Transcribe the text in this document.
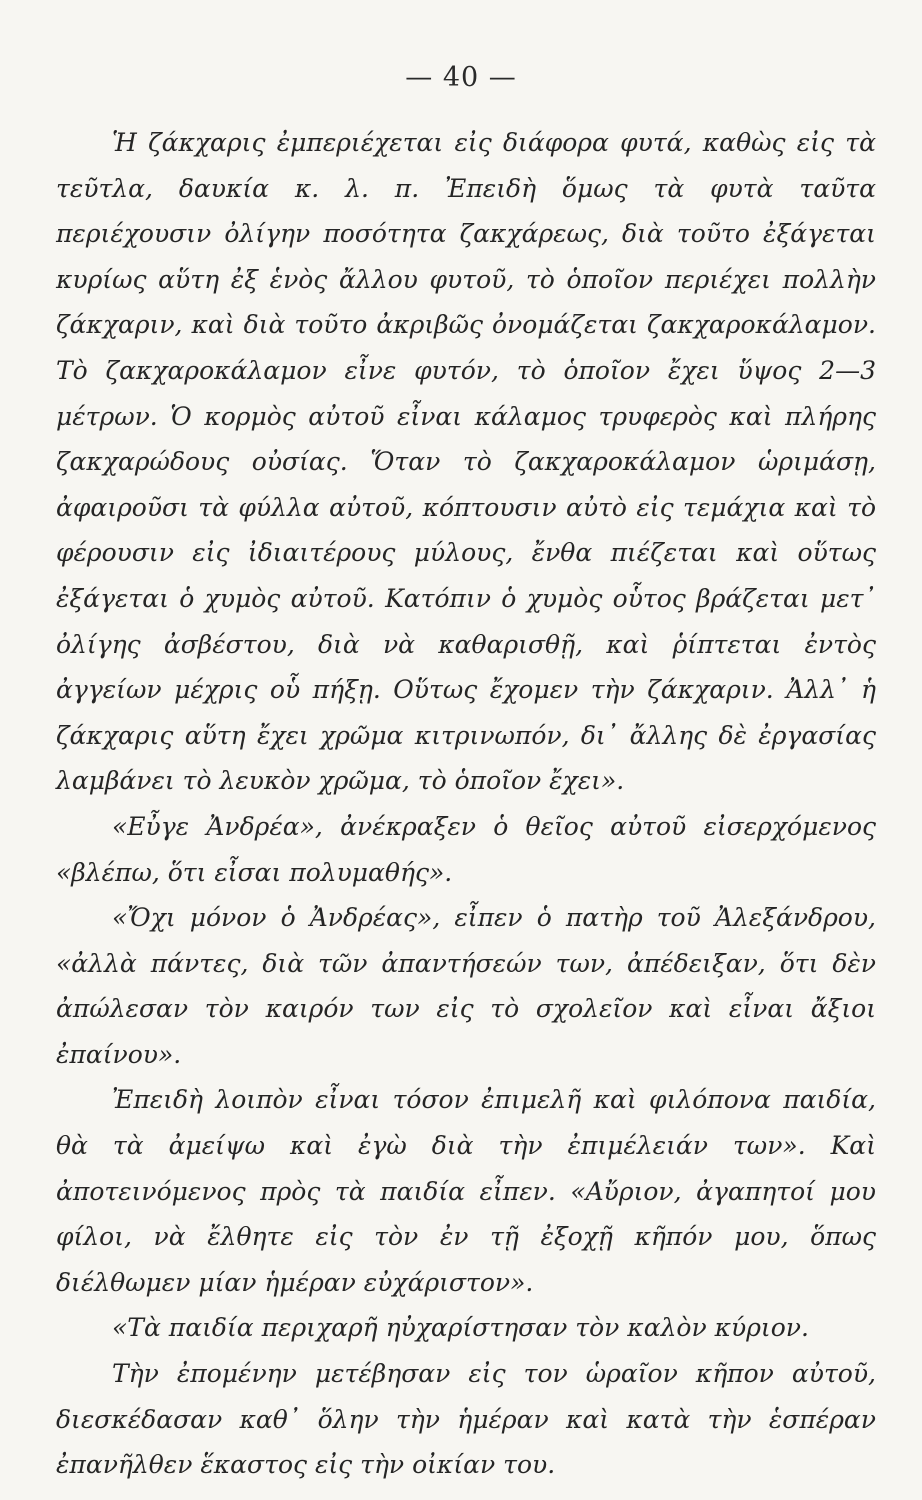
— 40 —

Ἡ ζάκχαρις ἐμπεριέχεται εἰς διάφορα φυτά, καθὼς εἰς τὰ τεῦτλα, δαυκία κ. λ. π. Ἐπειδὴ ὅμως τὰ φυτὰ ταῦτα περιέχουσιν ὀλίγην ποσότητα ζακχάρεως, διὰ τοῦτο ἐξάγεται κυρίως αὕτη ἐξ ἑνὸς ἄλλου φυτοῦ, τὸ ὁποῖον περιέχει πολλὴν ζάκχαριν, καὶ διὰ τοῦτο ἀκριβῶς ὀνομάζεται ζακχαροκάλαμον. Τὸ ζακχαροκάλαμον εἶνε φυτόν, τὸ ὁποῖον ἔχει ὕψος 2—3 μέτρων. Ὁ κορμὸς αὐτοῦ εἶναι κάλαμος τρυφερὸς καὶ πλήρης ζακχαρώδους οὐσίας. Ὅταν τὸ ζακχαροκάλαμον ὡριμάσῃ, ἀφαιροῦσι τὰ φύλλα αὐτοῦ, κόπτουσιν αὐτὸ εἰς τεμάχια καὶ τὸ φέρουσιν εἰς ἰδιαιτέρους μύλους, ἔνθα πιέζεται καὶ οὕτως ἐξάγεται ὁ χυμὸς αὐτοῦ. Κατόπιν ὁ χυμὸς οὗτος βράζεται μετ᾽ ὀλίγης ἀσβέστου, διὰ νὰ καθαρισθῇ, καὶ ῥίπτεται ἐντὸς ἀγγείων μέχρις οὗ πήξῃ. Οὕτως ἔχομεν τὴν ζάκχαριν. Ἀλλ᾽ ἡ ζάκχαρις αὕτη ἔχει χρῶμα κιτρινωπόν, δι᾽ ἄλλης δὲ ἐργασίας λαμβάνει τὸ λευκὸν χρῶμα, τὸ ὁποῖον ἔχει».

«Εὖγε Ἀνδρέα», ἀνέκραξεν ὁ θεῖος αὐτοῦ εἰσερχόμενος «βλέπω, ὅτι εἶσαι πολυμαθής».

«Ὄχι μόνον ὁ Ἀνδρέας», εἶπεν ὁ πατὴρ τοῦ Ἀλεξάνδρου, «ἀλλὰ πάντες, διὰ τῶν ἀπαντήσεών των, ἀπέδειξαν, ὅτι δὲν ἀπώλεσαν τὸν καιρόν των εἰς τὸ σχολεῖον καὶ εἶναι ἄξιοι ἐπαίνου».

Ἐπειδὴ λοιπὸν εἶναι τόσον ἐπιμελῆ καὶ φιλόπονα παιδία, θὰ τὰ ἀμείψω καὶ ἐγὼ διὰ τὴν ἐπιμέλειάν των». Καὶ ἀποτεινόμενος πρὸς τὰ παιδία εἶπεν. «Αὔριον, ἀγαπητοί μου φίλοι, νὰ ἔλθητε εἰς τὸν ἐν τῇ ἐξοχῇ κῆπόν μου, ὅπως διέλθωμεν μίαν ἡμέραν εὐχάριστον».

«Τὰ παιδία περιχαρῆ ηὐχαρίστησαν τὸν καλὸν κύριον.

Τὴν ἐπομένην μετέβησαν εἰς τον ὡραῖον κῆπον αὐτοῦ, διεσκέδασαν καθ᾽ ὅλην τὴν ἡμέραν καὶ κατὰ τὴν ἑσπέραν ἐπανῆλθεν ἕκαστος εἰς τὴν οἰκίαν του.
